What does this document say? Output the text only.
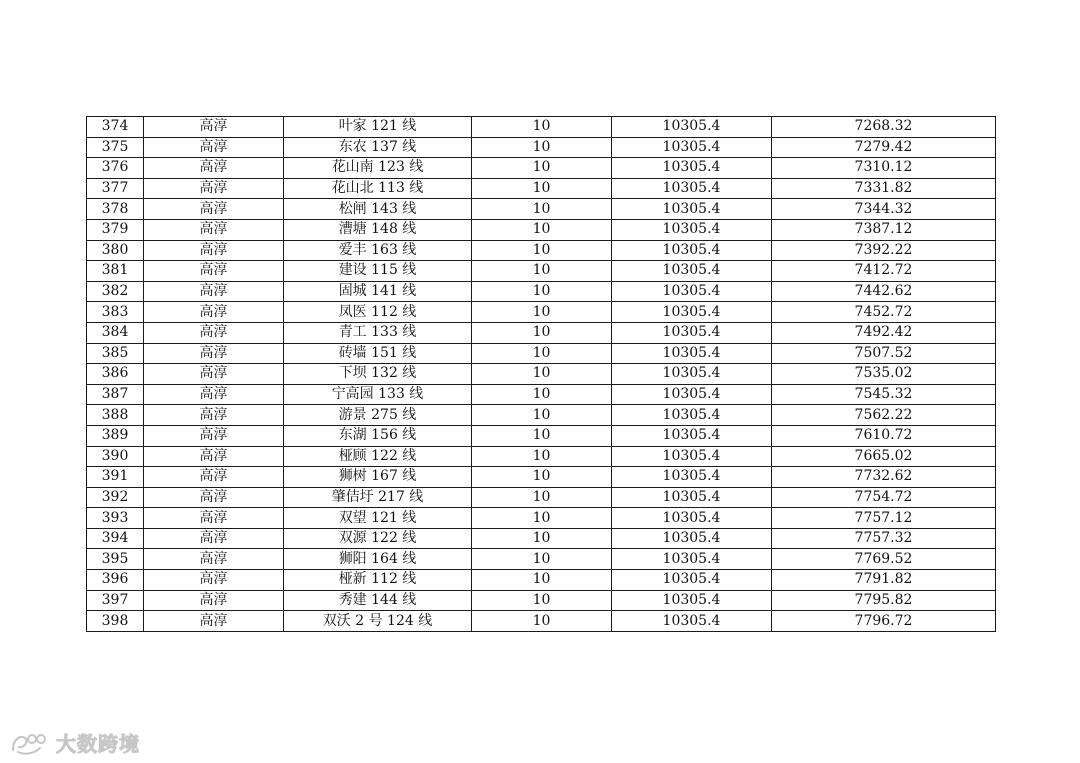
374	高淳	叶家 121 线	10	10305.4	7268.32
375	高淳	东农 137 线	10	10305.4	7279.42
376	高淳	花山南 123 线	10	10305.4	7310.12
377	高淳	花山北 113 线	10	10305.4	7331.82
378	高淳	松闸 143 线	10	10305.4	7344.32
379	高淳	漕塘 148 线	10	10305.4	7387.12
380	高淳	爱丰 163 线	10	10305.4	7392.22
381	高淳	建设 115 线	10	10305.4	7412.72
382	高淳	固城 141 线	10	10305.4	7442.62
383	高淳	凤医 112 线	10	10305.4	7452.72
384	高淳	青工 133 线	10	10305.4	7492.42
385	高淳	砖墙 151 线	10	10305.4	7507.52
386	高淳	下坝 132 线	10	10305.4	7535.02
387	高淳	宁高园 133 线	10	10305.4	7545.32
388	高淳	游景 275 线	10	10305.4	7562.22
389	高淳	东湖 156 线	10	10305.4	7610.72
390	高淳	桠顾 122 线	10	10305.4	7665.02
391	高淳	狮树 167 线	10	10305.4	7732.62
392	高淳	肇佶圩 217 线	10	10305.4	7754.72
393	高淳	双望 121 线	10	10305.4	7757.12
394	高淳	双源 122 线	10	10305.4	7757.32
395	高淳	狮阳 164 线	10	10305.4	7769.52
396	高淳	桠新 112 线	10	10305.4	7791.82
397	高淳	秀建 144 线	10	10305.4	7795.82
398	高淳	双沃 2 号 124 线	10	10305.4	7796.72
大数跨境
